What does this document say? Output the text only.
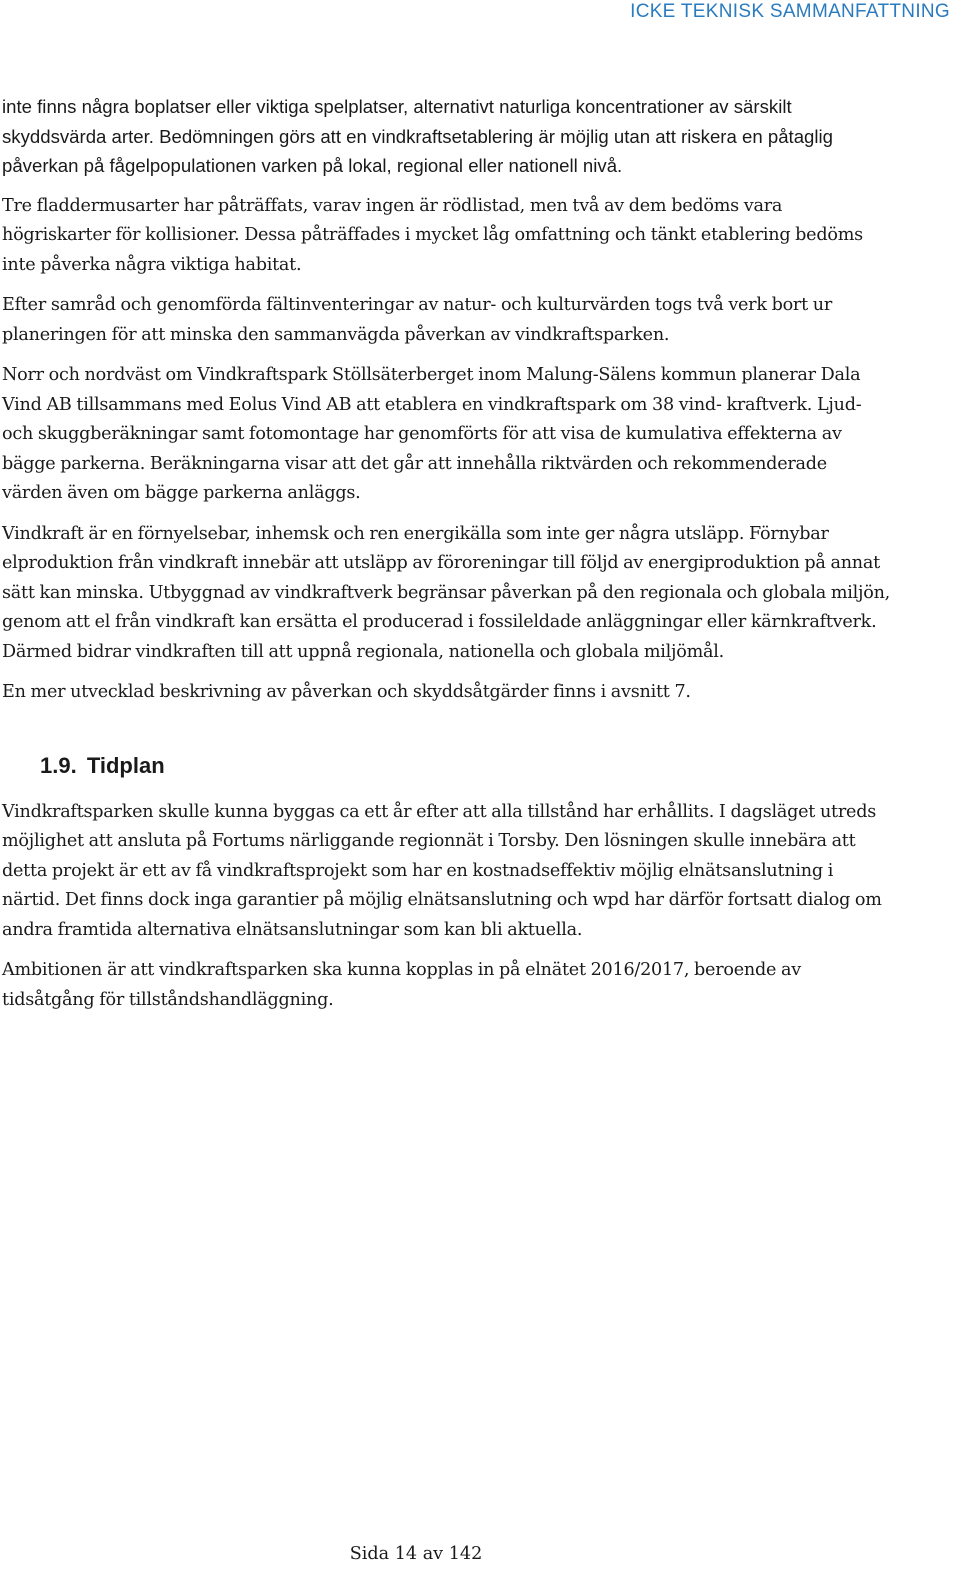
ICKE TEKNISK SAMMANFATTNING

inte finns några boplatser eller viktiga spelplatser, alternativt naturliga koncentrationer av särskilt skyddsvärda arter. Bedömningen görs att en vindkraftsetablering är möjlig utan att riskera en påtaglig påverkan på fågelpopulationen varken på lokal, regional eller nationell nivå.

Tre fladdermusarter har påträffats, varav ingen är rödlistad, men två av dem bedöms vara högriskarter för kollisioner. Dessa påträffades i mycket låg omfattning och tänkt etablering bedöms inte påverka några viktiga habitat.

Efter samråd och genomförda fältinventeringar av natur- och kulturvärden togs två verk bort ur planeringen för att minska den sammanvägda påverkan av vindkraftsparken.

Norr och nordväst om Vindkraftspark Stöllsäterberget inom Malung-Sälens kommun planerar Dala Vind AB tillsammans med Eolus Vind AB att etablera en vindkraftspark om 38 vind- kraftverk. Ljud- och skuggberäkningar samt fotomontage har genomförts för att visa de kumulativa effekterna av bägge parkerna. Beräkningarna visar att det går att innehålla riktvärden och rekommenderade värden även om bägge parkerna anläggs.

Vindkraft är en förnyelsebar, inhemsk och ren energikälla som inte ger några utsläpp. Förnybar elproduktion från vindkraft innebär att utsläpp av föroreningar till följd av energiproduktion på annat sätt kan minska. Utbyggnad av vindkraftverk begränsar påverkan på den regionala och globala miljön, genom att el från vindkraft kan ersätta el producerad i fossileldade anläggningar eller kärnkraftverk. Därmed bidrar vindkraften till att uppnå regionala, nationella och globala miljömål.

En mer utvecklad beskrivning av påverkan och skyddsåtgärder finns i avsnitt 7.

1.9. Tidplan

Vindkraftsparken skulle kunna byggas ca ett år efter att alla tillstånd har erhållits. I dagsläget utreds möjlighet att ansluta på Fortums närliggande regionnät i Torsby. Den lösningen skulle innebära att detta projekt är ett av få vindkraftsprojekt som har en kostnadseffektiv möjlig elnätsanslutning i närtid. Det finns dock inga garantier på möjlig elnätsanslutning och wpd har därför fortsatt dialog om andra framtida alternativa elnätsanslutningar som kan bli aktuella.

Ambitionen är att vindkraftsparken ska kunna kopplas in på elnätet 2016/2017, beroende av tidsåtgång för tillståndshandläggning.

Sida 14 av 142
